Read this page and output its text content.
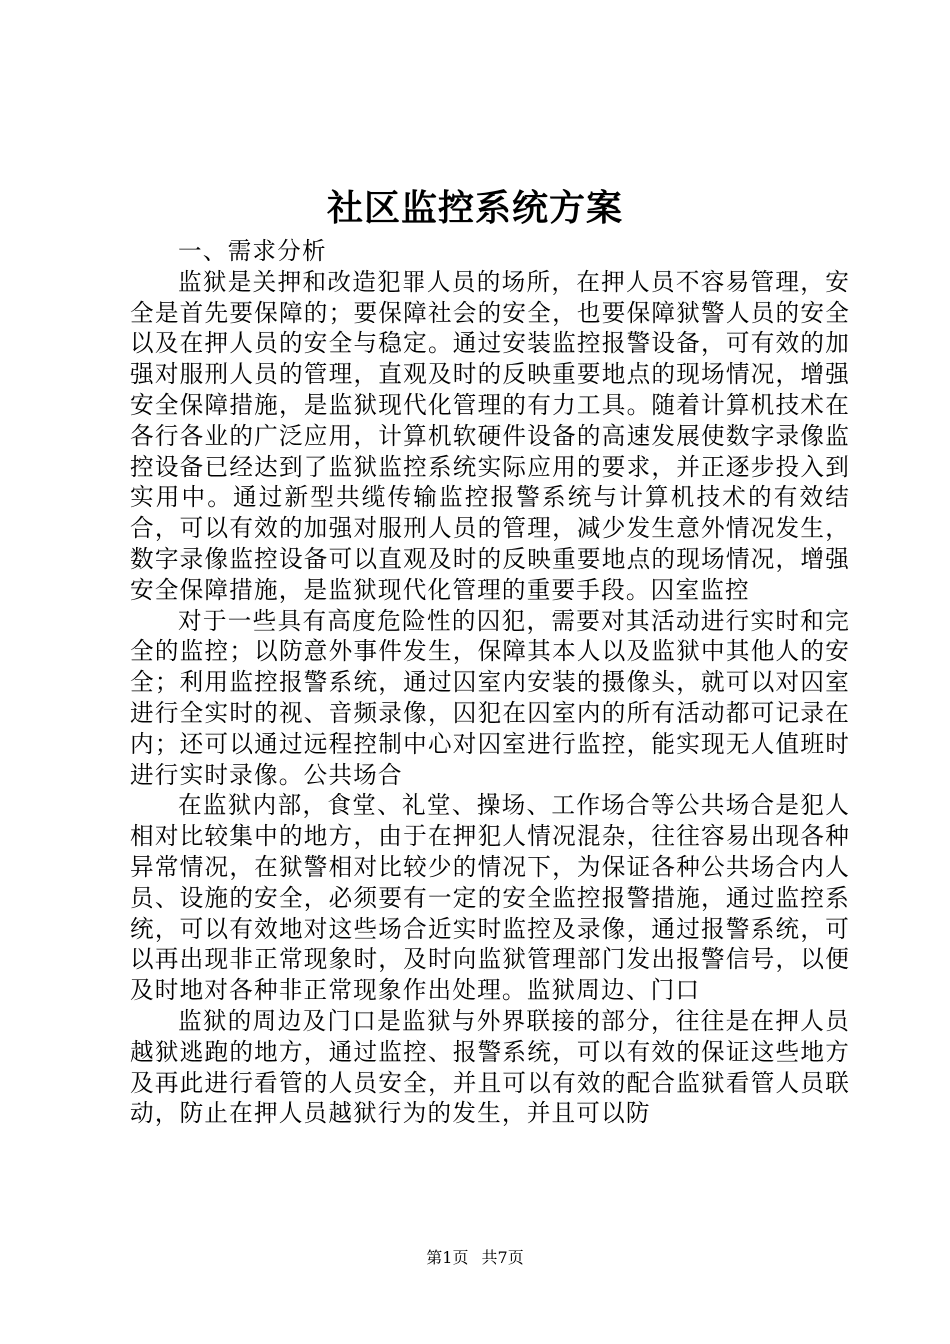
社区监控系统方案

一、需求分析

监狱是关押和改造犯罪人员的场所，在押人员不容易管理，安全是首先要保障的；要保障社会的安全，也要保障狱警人员的安全以及在押人员的安全与稳定。通过安装监控报警设备，可有效的加强对服刑人员的管理，直观及时的反映重要地点的现场情况，增强安全保障措施，是监狱现代化管理的有力工具。随着计算机技术在各行各业的广泛应用，计算机软硬件设备的高速发展使数字录像监控设备已经达到了监狱监控系统实际应用的要求，并正逐步投入到实用中。通过新型共缆传输监控报警系统与计算机技术的有效结合，可以有效的加强对服刑人员的管理，减少发生意外情况发生，数字录像监控设备可以直观及时的反映重要地点的现场情况，增强安全保障措施，是监狱现代化管理的重要手段。囚室监控

对于一些具有高度危险性的囚犯，需要对其活动进行实时和完全的监控；以防意外事件发生，保障其本人以及监狱中其他人的安全；利用监控报警系统，通过囚室内安装的摄像头，就可以对囚室进行全实时的视、音频录像，囚犯在囚室内的所有活动都可记录在内；还可以通过远程控制中心对囚室进行监控，能实现无人值班时进行实时录像。公共场合

在监狱内部，食堂、礼堂、操场、工作场合等公共场合是犯人相对比较集中的地方，由于在押犯人情况混杂，往往容易出现各种异常情况，在狱警相对比较少的情况下，为保证各种公共场合内人员、设施的安全，必须要有一定的安全监控报警措施，通过监控系统，可以有效地对这些场合近实时监控及录像，通过报警系统，可以再出现非正常现象时，及时向监狱管理部门发出报警信号，以便及时地对各种非正常现象作出处理。监狱周边、门口

监狱的周边及门口是监狱与外界联接的部分，往往是在押人员越狱逃跑的地方，通过监控、报警系统，可以有效的保证这些地方及再此进行看管的人员安全，并且可以有效的配合监狱看管人员联动，防止在押人员越狱行为的发生，并且可以防

第1页 共7页
